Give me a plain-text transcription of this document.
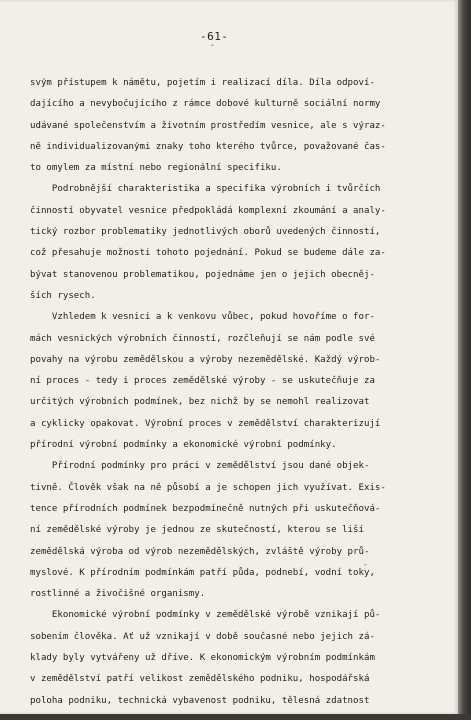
-61-
ˆ
svým přístupem k námětu, pojetím i realizací díla. Díla odpoví-
dajícího a nevybočujícího z rámce dobové kulturně sociální normy
udávané společenstvím a životním prostředím vesnice, ale s výraz-
ně individualizovanými znaky toho kterého tvůrce, považované čas-
to omylem za místní nebo regionální specifiku.
Podrobnější charakteristika a specifika výrobních i tvůrčích
činností obyvatel vesnice předpokládá komplexní zkoumání a analy-
tický rozbor problematiky jednotlivých oborů uvedených činností,
což přesahuje možnosti tohoto pojednání. Pokud se budeme dále za-
bývat stanovenou problematikou, pojednáme jen o jejich obecněj-
ších rysech.
Vzhledem k vesnici a k venkovu vůbec, pokud hovoříme o for-
mách vesnických výrobních činností, rozčleňují se nám podle své
povahy na výrobu zemědělskou a výroby nezemědělské. Každý výrob-
ní proces - tedy i proces zemědělské výroby - se uskutečňuje za
určitých výrobních podmínek, bez nichž by se nemohl realizovat
a cyklicky opakovat. Výrobní proces v zemědělství charakterizují
přírodní výrobní podmínky a ekonomické výrobní podmínky.
Přírodní podmínky pro práci v zemědělství jsou dané objek-
tivně. Člověk však na ně působí a je schopen jich využívat. Exis-
tence přírodních podmínek bezpodmínečně nutných při uskutečňová-
ní zemědělské výroby je jednou ze skutečností, kterou se liší
zemědělská výroba od výrob nezemědělských, zvláště výroby prů-
myslové. K přírodním podmínkám patří půda, podnebí, vodní toky,
rostlinné a živočišné organismy.
Ekonomické výrobní podmínky v zemědělské výrobě vznikají pů-
sobením člověka. Ať už vznikají v době současné nebo jejich zá-
klady byly vytvářeny už dříve. K ekonomickým výrobním podmínkám
v zemědělství patří velikost zemědělského podniku, hospodářská
poloha podniku, technická vybavenost podniku, tělesná zdatnost
-
